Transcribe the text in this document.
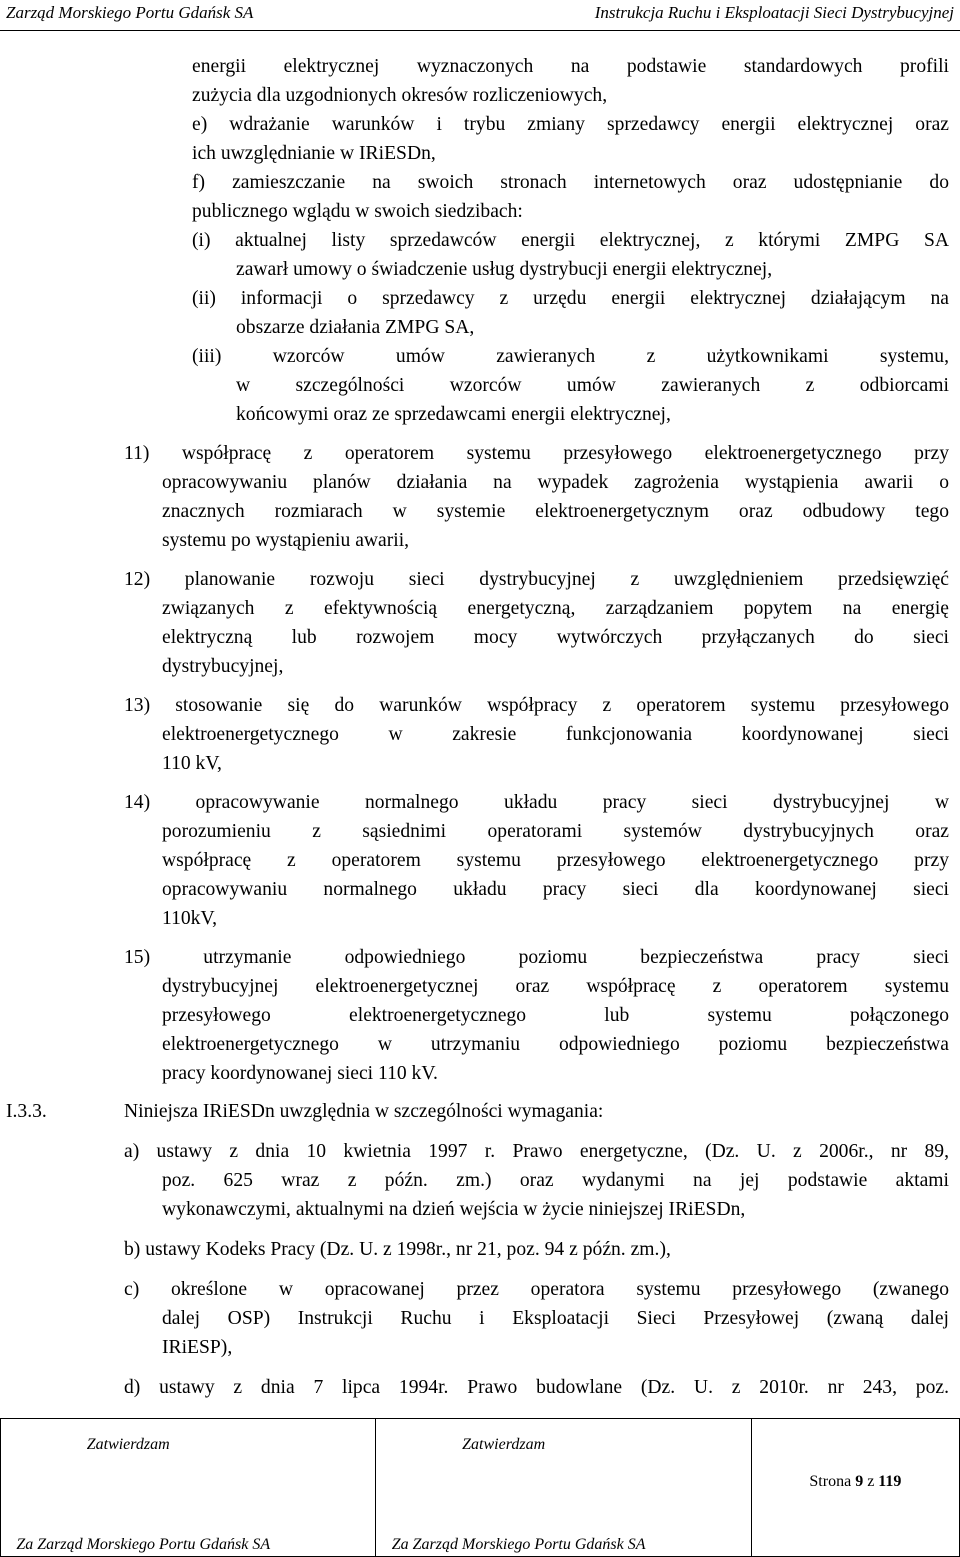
Zarząd Morskiego Portu Gdańsk SA	Instrukcja Ruchu i Eksploatacji Sieci Dystrybucyjnej
energii elektrycznej wyznaczonych na podstawie standardowych profili
zużycia dla uzgodnionych okresów rozliczeniowych,
e) wdrażanie warunków i trybu zmiany sprzedawcy energii elektrycznej oraz
ich uwzględnianie w IRiESDn,
f) zamieszczanie na swoich stronach internetowych oraz udostępnianie do
publicznego wglądu w swoich siedzibach:
(i) aktualnej listy sprzedawców energii elektrycznej, z którymi ZMPG SA
zawarł umowy o świadczenie usług dystrybucji energii elektrycznej,
(ii) informacji o sprzedawcy z urzędu energii elektrycznej działającym na
obszarze działania ZMPG SA,
(iii) wzorców umów zawieranych z użytkownikami systemu,
w szczególności wzorców umów zawieranych z odbiorcami
końcowymi oraz ze sprzedawcami energii elektrycznej,
11) współpracę z operatorem systemu przesyłowego elektroenergetycznego przy
opracowywaniu planów działania na wypadek zagrożenia wystąpienia awarii o
znacznych rozmiarach w systemie elektroenergetycznym oraz odbudowy tego
systemu po wystąpieniu awarii,
12) planowanie rozwoju sieci dystrybucyjnej z uwzględnieniem przedsięwzięć
związanych z efektywnością energetyczną, zarządzaniem popytem na energię
elektryczną lub rozwojem mocy wytwórczych przyłączanych do sieci
dystrybucyjnej,
13) stosowanie się do warunków współpracy z operatorem systemu przesyłowego
elektroenergetycznego w zakresie funkcjonowania koordynowanej sieci
110 kV,
14) opracowywanie normalnego układu pracy sieci dystrybucyjnej w
porozumieniu z sąsiednimi operatorami systemów dystrybucyjnych oraz
współpracę z operatorem systemu przesyłowego elektroenergetycznego przy
opracowywaniu normalnego układu pracy sieci dla koordynowanej sieci
110kV,
15) utrzymanie odpowiedniego poziomu bezpieczeństwa pracy sieci
dystrybucyjnej elektroenergetycznej oraz współpracę z operatorem systemu
przesyłowego elektroenergetycznego lub systemu połączonego
elektroenergetycznego w utrzymaniu odpowiedniego poziomu bezpieczeństwa
pracy koordynowanej sieci 110 kV.
I.3.3.	Niniejsza IRiESDn uwzględnia w szczególności wymagania:
a) ustawy z dnia 10 kwietnia 1997 r. Prawo energetyczne, (Dz. U. z 2006r., nr 89,
poz. 625 wraz z późn. zm.) oraz wydanymi na jej podstawie aktami
wykonawczymi, aktualnymi na dzień wejścia w życie niniejszej IRiESDn,
b) ustawy Kodeks Pracy (Dz. U. z 1998r., nr 21, poz. 94 z późn. zm.),
c) określone w opracowanej przez operatora systemu przesyłowego (zwanego
dalej OSP) Instrukcji Ruchu i Eksploatacji Sieci Przesyłowej (zwaną dalej
IRiESP),
d) ustawy z dnia 7 lipca 1994r. Prawo budowlane (Dz. U. z 2010r. nr 243, poz.
Zatwierdzam
Za Zarząd Morskiego Portu Gdańsk SA

Zatwierdzam
Za Zarząd Morskiego Portu Gdańsk SA

Strona 9 z 119
